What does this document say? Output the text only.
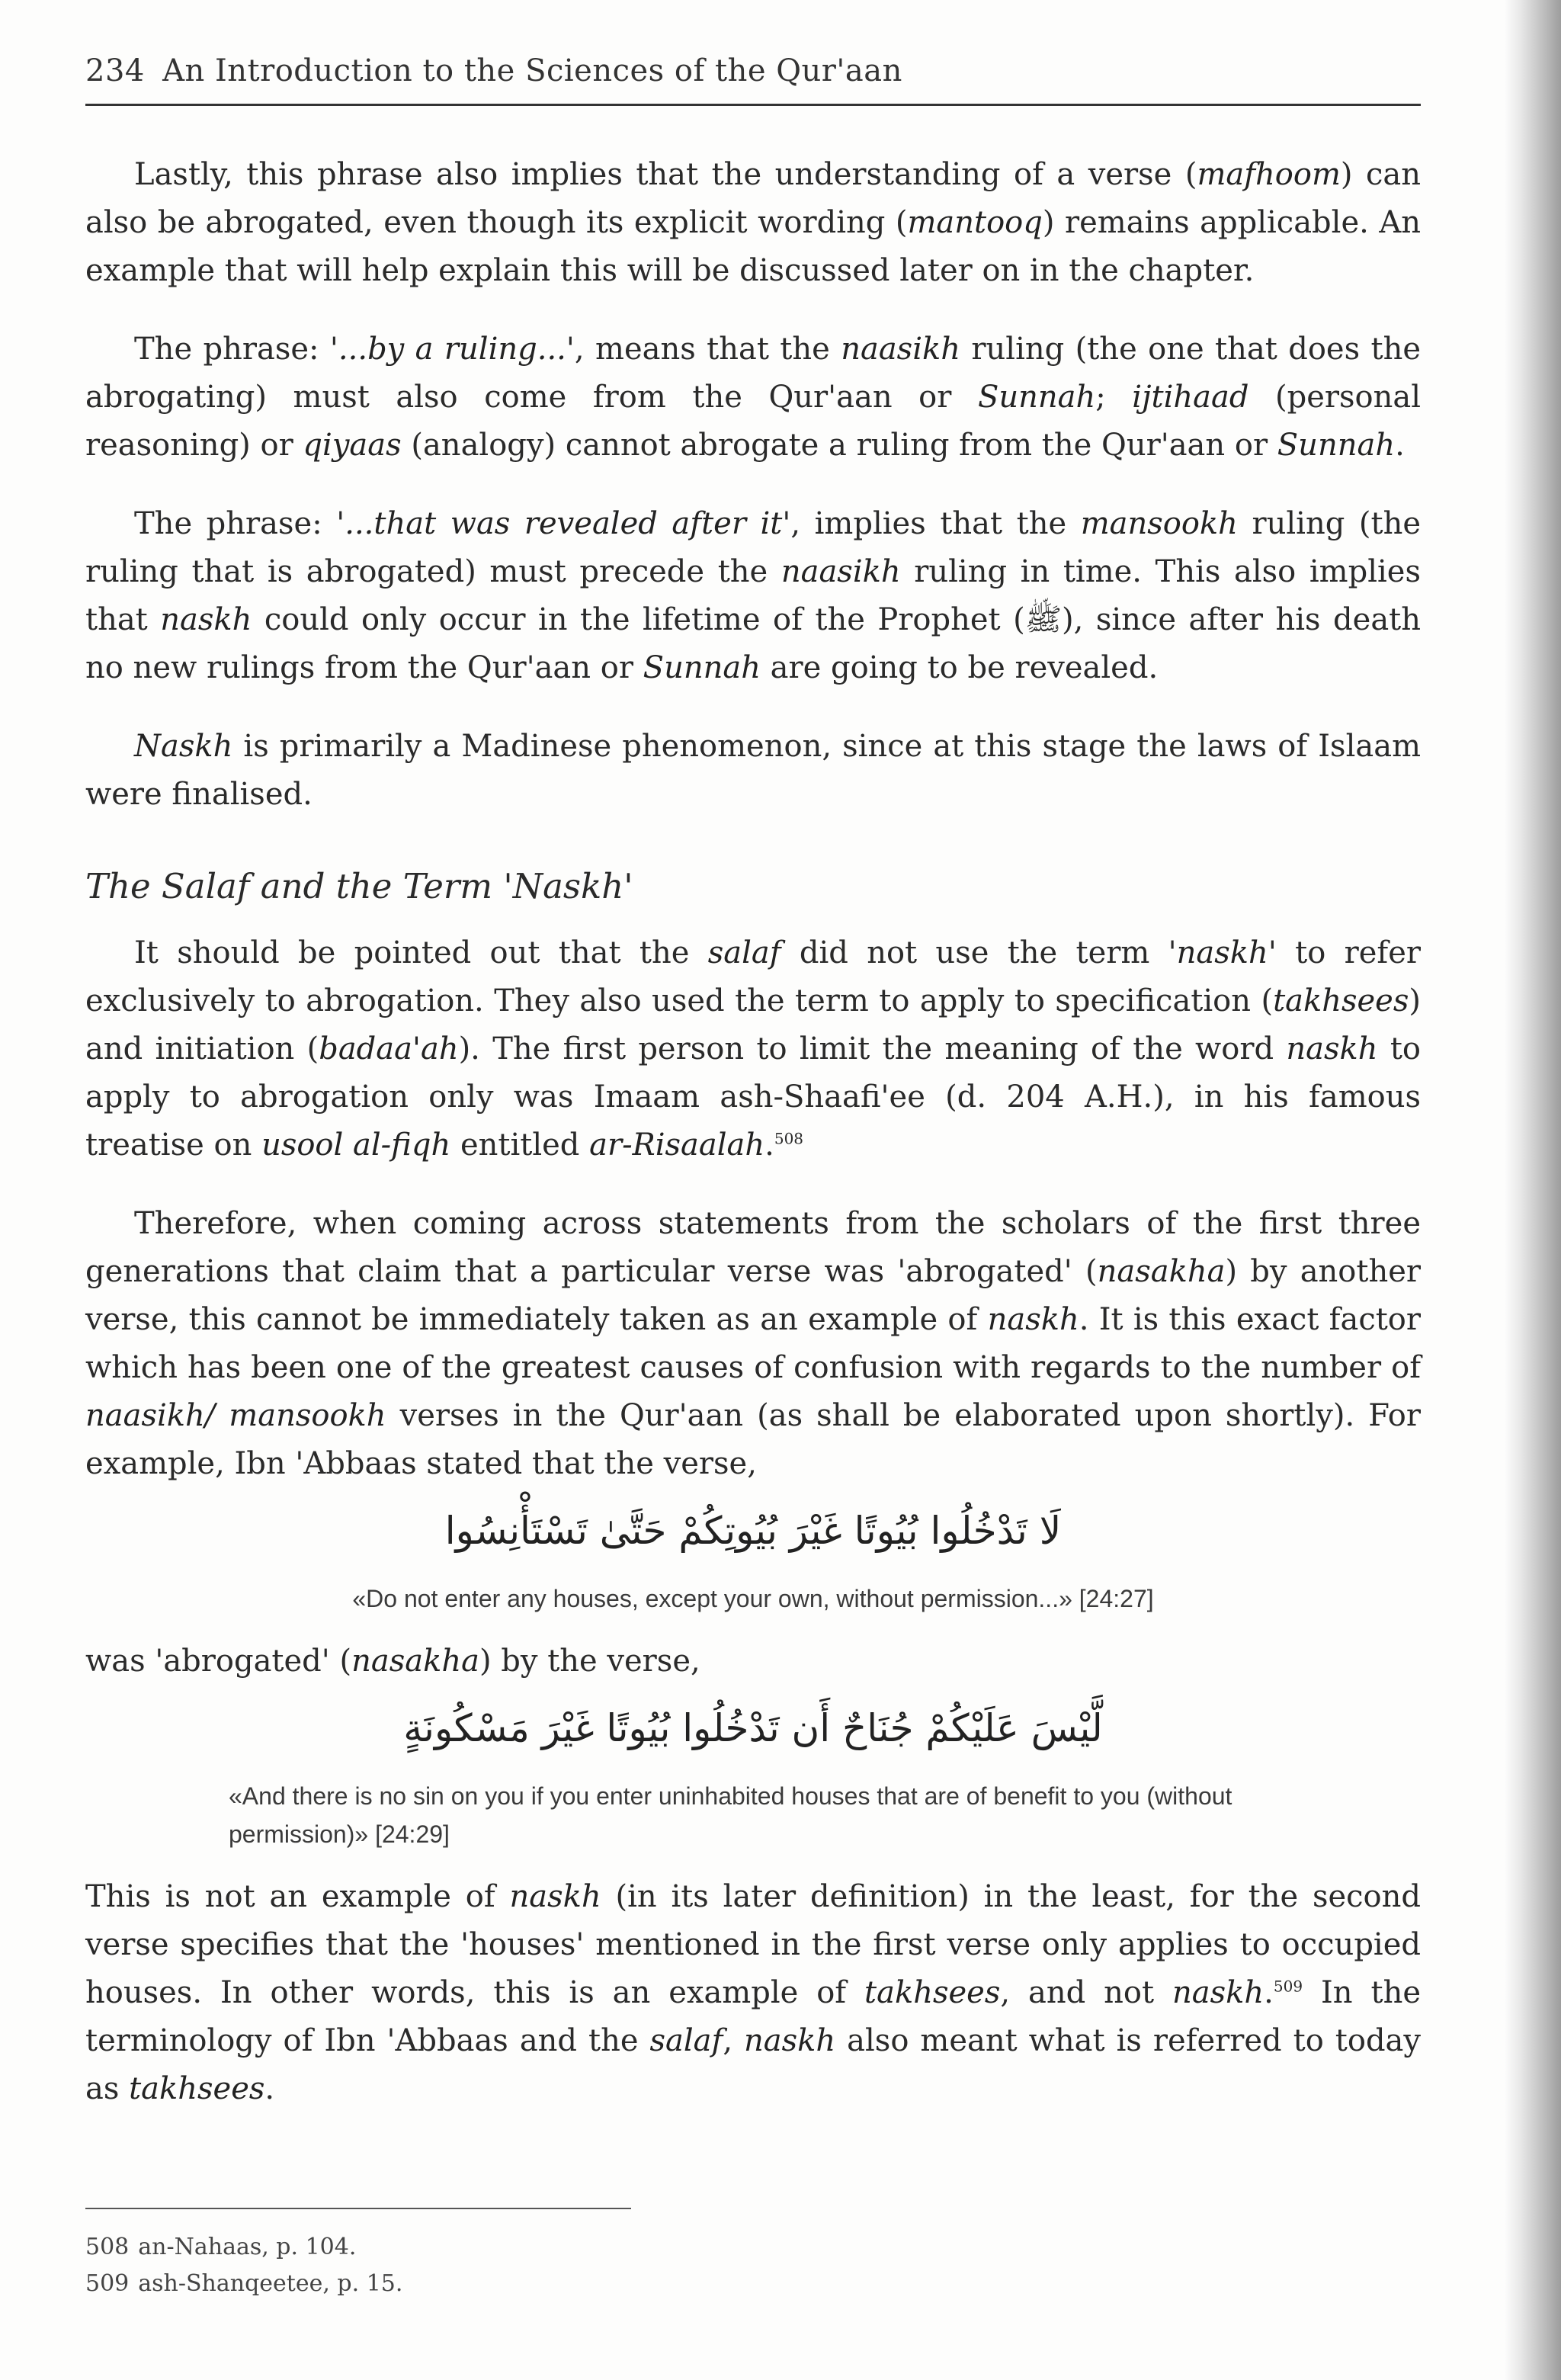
234 An Introduction to the Sciences of the Qur'aan

Lastly, this phrase also implies that the understanding of a verse (mafhoom) can also be abrogated, even though its explicit wording (mantooq) remains applicable. An example that will help explain this will be discussed later on in the chapter.

The phrase: '...by a ruling...', means that the naasikh ruling (the one that does the abrogating) must also come from the Qur'aan or Sunnah; ijtihaad (personal reasoning) or qiyaas (analogy) cannot abrogate a ruling from the Qur'aan or Sunnah.

The phrase: '...that was revealed after it', implies that the mansookh ruling (the ruling that is abrogated) must precede the naasikh ruling in time. This also implies that naskh could only occur in the lifetime of the Prophet (ﷺ), since after his death no new rulings from the Qur'aan or Sunnah are going to be revealed.

Naskh is primarily a Madinese phenomenon, since at this stage the laws of Islaam were finalised.

The Salaf and the Term 'Naskh'

It should be pointed out that the salaf did not use the term 'naskh' to refer exclusively to abrogation. They also used the term to apply to specification (takhsees) and initiation (badaa'ah). The first person to limit the meaning of the word naskh to apply to abrogation only was Imaam ash-Shaafi'ee (d. 204 A.H.), in his famous treatise on usool al-fiqh entitled ar-Risaalah.$^{508}$

Therefore, when coming across statements from the scholars of the first three generations that claim that a particular verse was 'abrogated' (nasakha) by another verse, this cannot be immediately taken as an example of naskh. It is this exact factor which has been one of the greatest causes of confusion with regards to the number of naasikh/ mansookh verses in the Qur'aan (as shall be elaborated upon shortly). For example, Ibn 'Abbaas stated that the verse,

لَا تَدْخُلُوا بُيُوتًا غَيْرَ بُيُوتِكُمْ حَتَّىٰ تَسْتَأْنِسُوا
«Do not enter any houses, except your own, without permission...» [24:27]

was 'abrogated' (nasakha) by the verse,

لَّيْسَ عَلَيْكُمْ جُنَاحٌ أَن تَدْخُلُوا بُيُوتًا غَيْرَ مَسْكُونَةٍ
«And there is no sin on you if you enter uninhabited houses that are of benefit to you (without permission)» [24:29]

This is not an example of naskh (in its later definition) in the least, for the second verse specifies that the 'houses' mentioned in the first verse only applies to occupied houses. In other words, this is an example of takhsees, and not naskh.$^{509}$ In the terminology of Ibn 'Abbaas and the salaf, naskh also meant what is referred to today as takhsees.

508 an-Nahaas, p. 104.
509 ash-Shanqeetee, p. 15.
